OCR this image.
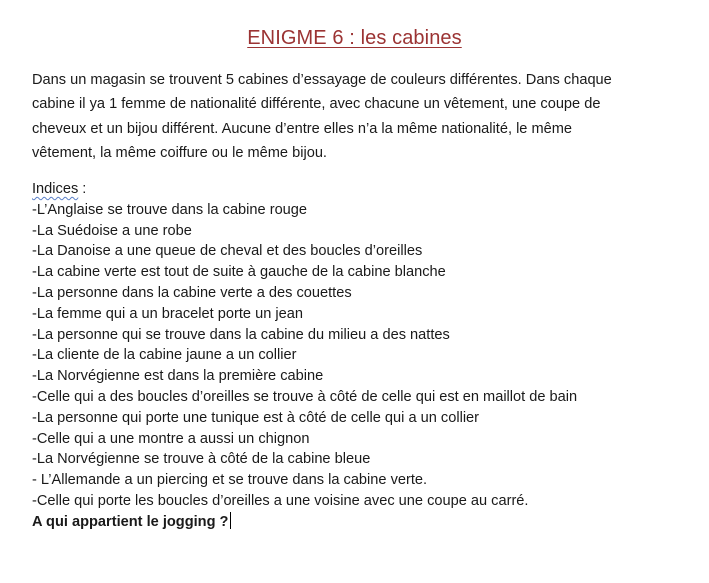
ENIGME 6 : les cabines

Dans un magasin se trouvent 5 cabines d’essayage de couleurs différentes. Dans chaque

cabine il ya 1 femme de nationalité différente, avec chacune un vêtement, une coupe de

cheveux et un bijou différent. Aucune d’entre elles n’a la même nationalité, le même

vêtement, la même coiffure ou le même bijou.

Indices :
-L’Anglaise se trouve dans la cabine rouge
-La Suédoise a une robe
-La Danoise a une queue de cheval et des boucles d’oreilles
-La cabine verte est tout de suite à gauche de la cabine blanche
-La personne dans la cabine verte a des couettes
-La femme qui a un bracelet porte un jean
-La personne qui se trouve dans la cabine du milieu a des nattes
-La cliente de la cabine jaune a un collier
-La Norvégienne est dans la première cabine
-Celle qui a des boucles d’oreilles se trouve à côté de celle qui est en maillot de bain
-La personne qui porte une tunique est à côté de celle qui a un collier
-Celle qui a une montre a aussi un chignon
-La Norvégienne se trouve à côté de la cabine bleue
- L’Allemande a un piercing et se trouve dans la cabine verte.
-Celle qui porte les boucles d’oreilles a une voisine avec une coupe au carré.
A qui appartient le jogging ?
